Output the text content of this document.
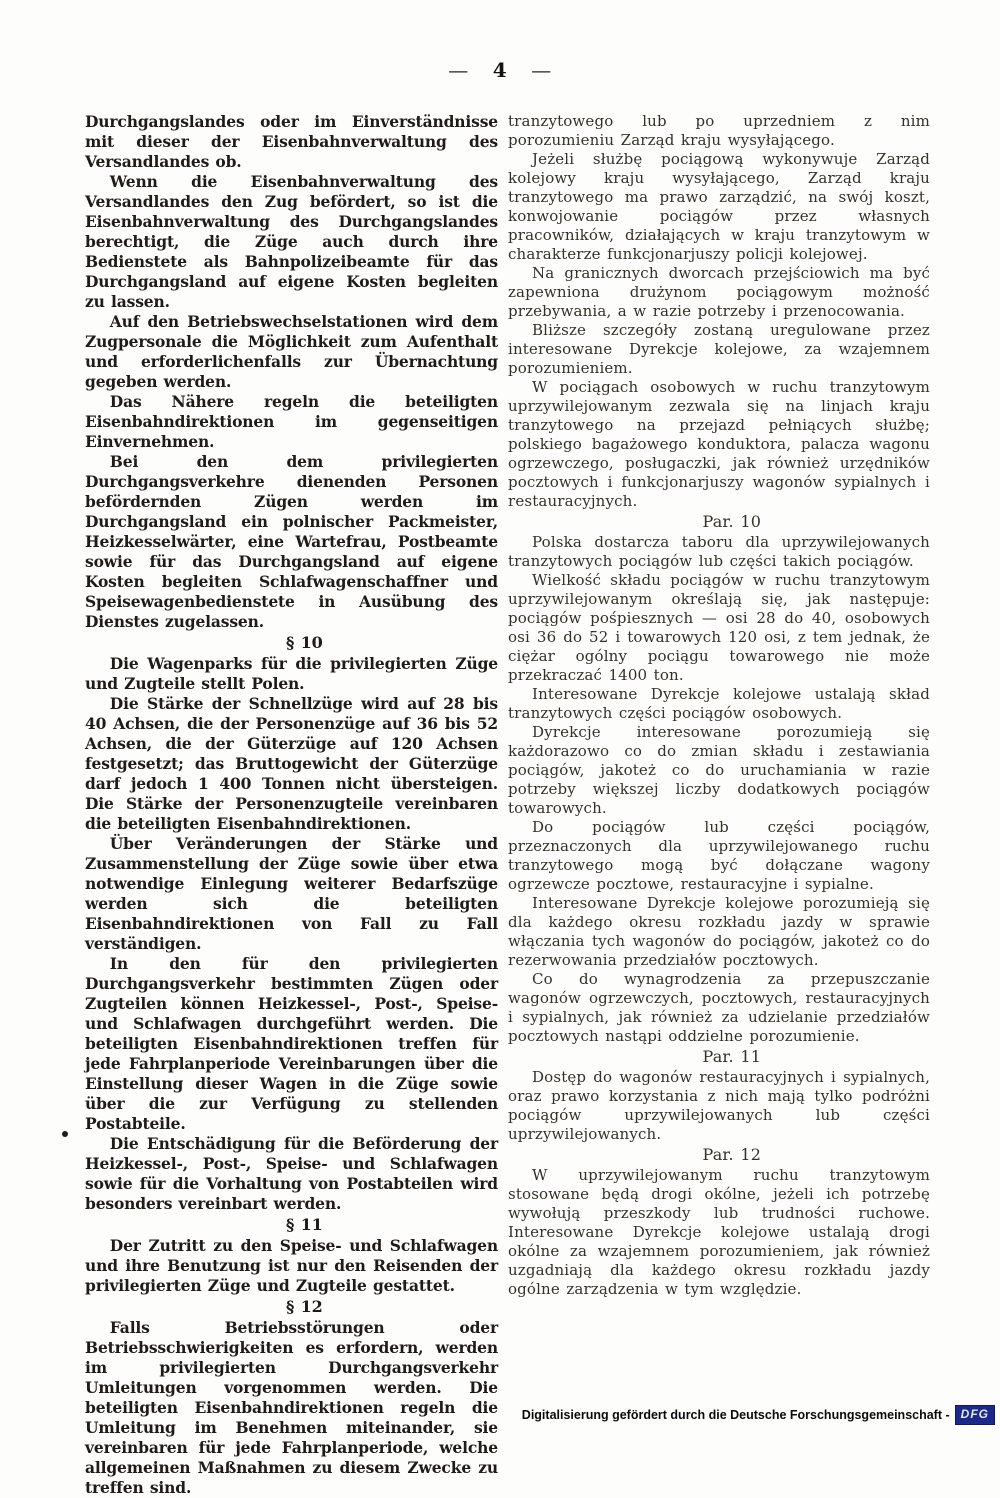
— 4 —

Durchgangslandes oder im Einverständnisse mit dieser der Eisenbahnverwaltung des Versandlandes ob.

Wenn die Eisenbahnverwaltung des Versandlandes den Zug befördert, so ist die Eisenbahnverwaltung des Durchgangslandes berechtigt, die Züge auch durch ihre Bedienstete als Bahnpolizeibeamte für das Durchgangsland auf eigene Kosten begleiten zu lassen.

Auf den Betriebswechselstationen wird dem Zugpersonale die Möglichkeit zum Aufenthalt und erforderlichenfalls zur Übernachtung gegeben werden.

Das Nähere regeln die beteiligten Eisenbahndirektionen im gegenseitigen Einvernehmen.

Bei den dem privilegierten Durchgangsverkehre dienenden Personen befördernden Zügen werden im Durchgangsland ein polnischer Packmeister, Heizkesselwärter, eine Wartefrau, Postbeamte sowie für das Durchgangsland auf eigene Kosten begleiten Schlafwagenschaffner und Speisewagenbedienstete in Ausübung des Dienstes zugelassen.

§ 10

Die Wagenparks für die privilegierten Züge und Zugteile stellt Polen.

Die Stärke der Schnellzüge wird auf 28 bis 40 Achsen, die der Personenzüge auf 36 bis 52 Achsen, die der Güterzüge auf 120 Achsen festgesetzt; das Bruttogewicht der Güterzüge darf jedoch 1 400 Tonnen nicht übersteigen. Die Stärke der Personenzugteile vereinbaren die beteiligten Eisenbahndirektionen.

Über Veränderungen der Stärke und Zusammenstellung der Züge sowie über etwa notwendige Einlegung weiterer Bedarfszüge werden sich die beteiligten Eisenbahndirektionen von Fall zu Fall verständigen.

In den für den privilegierten Durchgangsverkehr bestimmten Zügen oder Zugteilen können Heizkessel-, Post-, Speise- und Schlafwagen durchgeführt werden. Die beteiligten Eisenbahndirektionen treffen für jede Fahrplanperiode Vereinbarungen über die Einstellung dieser Wagen in die Züge sowie über die zur Verfügung zu stellenden Postabteile.

Die Entschädigung für die Beförderung der Heizkessel-, Post-, Speise- und Schlafwagen sowie für die Vorhaltung von Postabteilen wird besonders vereinbart werden.

§ 11

Der Zutritt zu den Speise- und Schlafwagen und ihre Benutzung ist nur den Reisenden der privilegierten Züge und Zugteile gestattet.

§ 12

Falls Betriebsstörungen oder Betriebsschwierigkeiten es erfordern, werden im privilegierten Durchgangsverkehr Umleitungen vorgenommen werden. Die beteiligten Eisenbahndirektionen regeln die Umleitung im Benehmen miteinander, sie vereinbaren für jede Fahrplanperiode, welche allgemeinen Maßnahmen zu diesem Zwecke zu treffen sind.

tranzytowego lub po uprzedniem z nim porozumieniu Zarząd kraju wysyłającego.

Jeżeli służbę pociągową wykonywuje Zarząd kolejowy kraju wysyłającego, Zarząd kraju tranzytowego ma prawo zarządzić, na swój koszt, konwojowanie pociągów przez własnych pracowników, działających w kraju tranzytowym w charakterze funkcjonarjuszy policji kolejowej.

Na granicznych dworcach przejściowich ma być zapewniona drużynom pociągowym możność przebywania, a w razie potrzeby i przenocowania.

Bliższe szczegóły zostaną uregulowane przez interesowane Dyrekcje kolejowe, za wzajemnem porozumieniem.

W pociągach osobowych w ruchu tranzytowym uprzywilejowanym zezwala się na linjach kraju tranzytowego na przejazd pełniących służbę; polskiego bagażowego konduktora, palacza wagonu ogrzewczego, posługaczki, jak również urzędników pocztowych i funkcjonarjuszy wagonów sypialnych i restauracyjnych.

Par. 10

Polska dostarcza taboru dla uprzywilejowanych tranzytowych pociągów lub części takich pociągów.

Wielkość składu pociągów w ruchu tranzytowym uprzywilejowanym określają się, jak następuje: pociągów pośpiesznych — osi 28 do 40, osobowych osi 36 do 52 i towarowych 120 osi, z tem jednak, że ciężar ogólny pociągu towarowego nie może przekraczać 1400 ton.

Interesowane Dyrekcje kolejowe ustalają skład tranzytowych części pociągów osobowych.

Dyrekcje interesowane porozumieją się każdorazowo co do zmian składu i zestawiania pociągów, jakoteż co do uruchamiania w razie potrzeby większej liczby dodatkowych pociągów towarowych.

Do pociągów lub części pociągów, przeznaczonych dla uprzywilejowanego ruchu tranzytowego mogą być dołączane wagony ogrzewcze pocztowe, restauracyjne i sypialne.

Interesowane Dyrekcje kolejowe porozumieją się dla każdego okresu rozkładu jazdy w sprawie włączania tych wagonów do pociągów, jakoteż co do rezerwowania przedziałów pocztowych.

Co do wynagrodzenia za przepuszczanie wagonów ogrzewczych, pocztowych, restauracyjnych i sypialnych, jak również za udzielanie przedziałów pocztowych nastąpi oddzielne porozumienie.

Par. 11

Dostęp do wagonów restauracyjnych i sypialnych, oraz prawo korzystania z nich mają tylko podróżni pociągów uprzywilejowanych lub części uprzywilejowanych.

Par. 12

W uprzywilejowanym ruchu tranzytowym stosowane będą drogi okólne, jeżeli ich potrzebę wywołują przeszkody lub trudności ruchowe. Interesowane Dyrekcje kolejowe ustalają drogi okólne za wzajemnem porozumieniem, jak również uzgadniają dla każdego okresu rozkładu jazdy ogólne zarządzenia w tym względzie.

Digitalisierung gefördert durch die Deutsche Forschungsgemeinschaft - DFG
